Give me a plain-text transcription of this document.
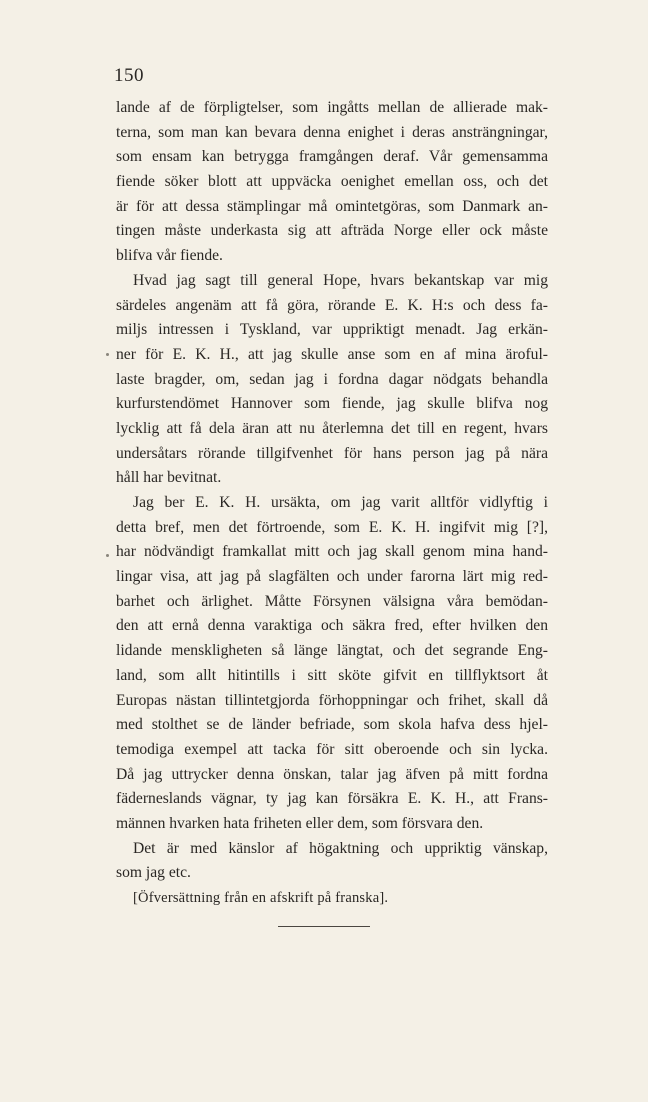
150
lande af de förpligtelser, som ingåtts mellan de allierade mak-
terna, som man kan bevara denna enighet i deras ansträngningar,
som ensam kan betrygga framgången deraf. Vår gemensamma
fiende söker blott att uppväcka oenighet emellan oss, och det
är för att dessa stämplingar må omintetgöras, som Danmark an-
tingen måste underkasta sig att afträda Norge eller ock måste
blifva vår fiende.
Hvad jag sagt till general Hope, hvars bekantskap var mig
särdeles angenäm att få göra, rörande E. K. H:s och dess fa-
miljs intressen i Tyskland, var uppriktigt menadt. Jag erkän-
ner för E. K. H., att jag skulle anse som en af mina äroful-
laste bragder, om, sedan jag i fordna dagar nödgats behandla
kurfurstendömet Hannover som fiende, jag skulle blifva nog
lycklig att få dela äran att nu återlemna det till en regent, hvars
undersåtars rörande tillgifvenhet för hans person jag på nära
håll har bevitnat.
Jag ber E. K. H. ursäkta, om jag varit alltför vidlyftig i
detta bref, men det förtroende, som E. K. H. ingifvit mig [?],
har nödvändigt framkallat mitt och jag skall genom mina hand-
lingar visa, att jag på slagfälten och under farorna lärt mig red-
barhet och ärlighet. Måtte Försynen välsigna våra bemödan-
den att ernå denna varaktiga och säkra fred, efter hvilken den
lidande menskligheten så länge längtat, och det segrande Eng-
land, som allt hitintills i sitt sköte gifvit en tillflyktsort åt
Europas nästan tillintetgjorda förhoppningar och frihet, skall då
med stolthet se de länder befriade, som skola hafva dess hjel-
temodiga exempel att tacka för sitt oberoende och sin lycka.
Då jag uttrycker denna önskan, talar jag äfven på mitt fordna
fäderneslands vägnar, ty jag kan försäkra E. K. H., att Frans-
männen hvarken hata friheten eller dem, som försvara den.
Det är med känslor af högaktning och uppriktig vänskap,
som jag etc.
[Öfversättning från en afskrift på franska].
